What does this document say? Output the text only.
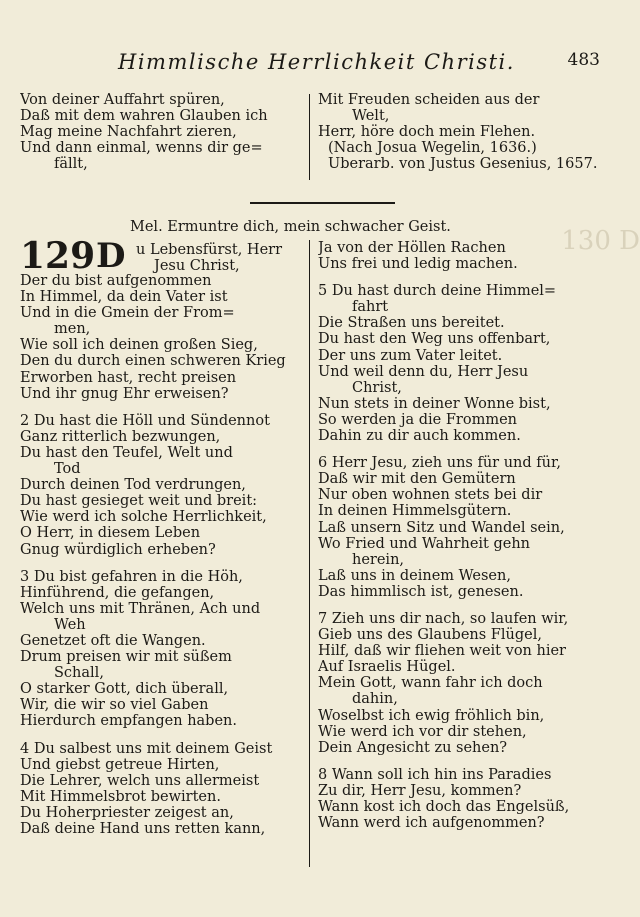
130 D
Himmlische Herrlichkeit Christi.	483
Von deiner Auffahrt spüren,
Daß mit dem wahren Glauben ich
Mag meine Nachfahrt zieren,
Und dann einmal, wenns dir ge=
fällt,
Mit Freuden scheiden aus der
Welt,
Herr, höre doch mein Flehen.
(Nach Josua Wegelin, 1636.)
Überarb. von Justus Gesenius, 1657.
Mel. Ermuntre dich, mein schwacher Geist.
129 D u Lebensfürst, Herr
Jesu Christ,
Der du bist aufgenommen
In Himmel, da dein Vater ist
Und in die Gmein der From=
men,
Wie soll ich deinen großen Sieg,
Den du durch einen schweren Krieg
Erworben hast, recht preisen
Und ihr gnug Ehr erweisen?
2 Du hast die Höll und Sündennot
Ganz ritterlich bezwungen,
Du hast den Teufel, Welt und
Tod
Durch deinen Tod verdrungen,
Du hast gesieget weit und breit:
Wie werd ich solche Herrlichkeit,
O Herr, in diesem Leben
Gnug würdiglich erheben?
3 Du bist gefahren in die Höh,
Hinführend, die gefangen,
Welch uns mit Thränen, Ach und
Weh
Genetzet oft die Wangen.
Drum preisen wir mit süßem
Schall,
O starker Gott, dich überall,
Wir, die wir so viel Gaben
Hierdurch empfangen haben.
4 Du salbest uns mit deinem Geist
Und giebst getreue Hirten,
Die Lehrer, welch uns allermeist
Mit Himmelsbrot bewirten.
Du Hoherpriester zeigest an,
Daß deine Hand uns retten kann,
Ja von der Höllen Rachen
Uns frei und ledig machen.
5 Du hast durch deine Himmel=
fahrt
Die Straßen uns bereitet.
Du hast den Weg uns offenbart,
Der uns zum Vater leitet.
Und weil denn du, Herr Jesu
Christ,
Nun stets in deiner Wonne bist,
So werden ja die Frommen
Dahin zu dir auch kommen.
6 Herr Jesu, zieh uns für und für,
Daß wir mit den Gemütern
Nur oben wohnen stets bei dir
In deinen Himmelsgütern.
Laß unsern Sitz und Wandel sein,
Wo Fried und Wahrheit gehn
herein,
Laß uns in deinem Wesen,
Das himmlisch ist, genesen.
7 Zieh uns dir nach, so laufen wir,
Gieb uns des Glaubens Flügel,
Hilf, daß wir fliehen weit von hier
Auf Israelis Hügel.
Mein Gott, wann fahr ich doch
dahin,
Woselbst ich ewig fröhlich bin,
Wie werd ich vor dir stehen,
Dein Angesicht zu sehen?
8 Wann soll ich hin ins Paradies
Zu dir, Herr Jesu, kommen?
Wann kost ich doch das Engelsüß,
Wann werd ich aufgenommen?
